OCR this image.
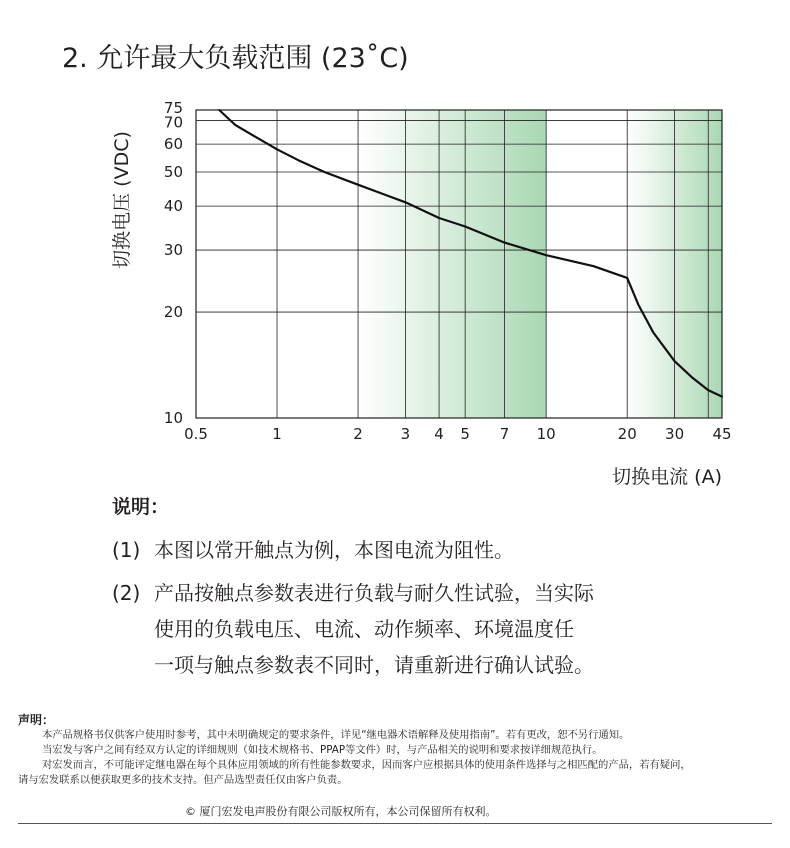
2. 允许最大负载范围 (23˚C)
0.5	1	2	3 4 5 7 10	20 30 45
10
20
30
40
50
60
70
75
切换电流 (A)
切换电压 (VDC)
说明：
(1) 本图以常开触点为例，本图电流为阻性。
(2) 产品按触点参数表进行负载与耐久性试验，当实际
使用的负载电压、电流、动作频率、环境温度任
一项与触点参数表不同时，请重新进行确认试验。
声明：
本产品规格书仅供客户使用时参考，其中未明确规定的要求条件，详见“继电器术语解释及使用指南”。若有更改，恕不另行通知。
当宏发与客户之间有经双方认定的详细规则（如技术规格书、PPAP等文件）时，与产品相关的说明和要求按详细规范执行。
对宏发而言，不可能评定继电器在每个具体应用领域的所有性能参数要求，因而客户应根据具体的使用条件选择与之相匹配的产品，若有疑问，
请与宏发联系以便获取更多的技术支持。但产品选型责任仅由客户负责。
© 厦门宏发电声股份有限公司版权所有，本公司保留所有权利。
